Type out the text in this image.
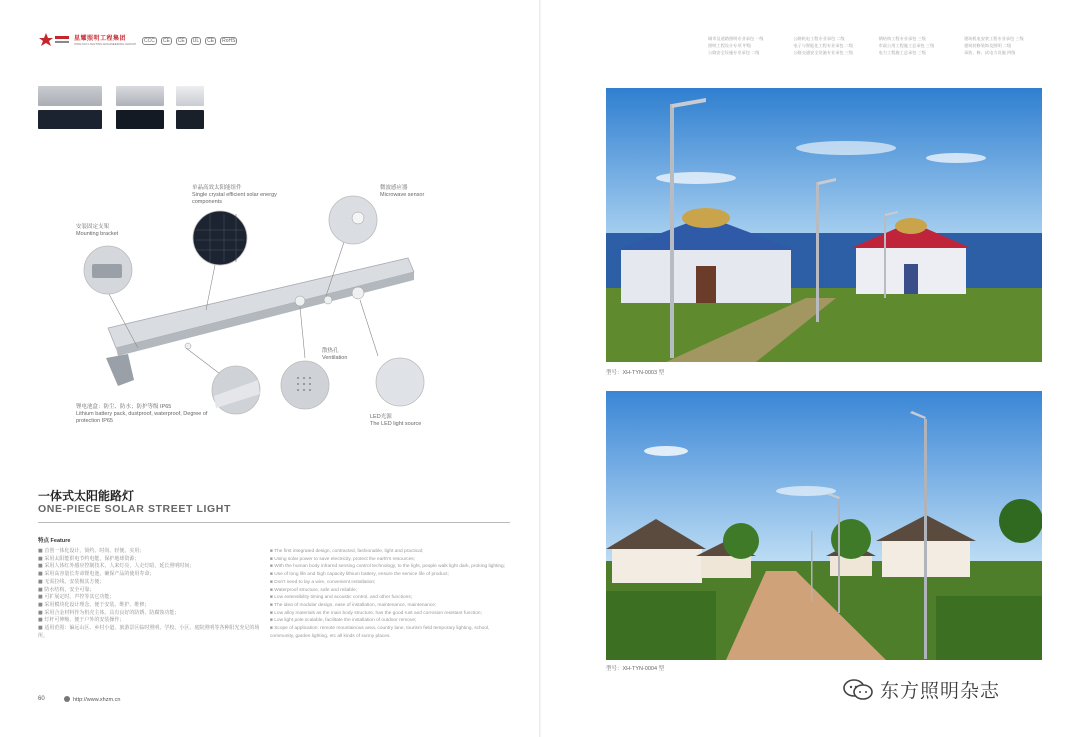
星耀照明工程集团
XINGYAO LIGHTING ENGINEERING GROUP	CCC	CE	CE	UL	CE	RoHS
单晶高效太阳能组件
Single crystal efficient solar energy components
微波感应器
Microwave sensor
安装固定支架
Mounting bracket
散热孔
Ventilation
锂电池盒：防尘、防水；防护等级 IP65
Lithium battery pack, dustproof, waterproof, Degree of protection IP65
LED光源
The LED light source
一体式太阳能路灯
ONE-PIECE SOLAR STREET LIGHT
特点 Feature
■ 首创一体化设计，简约、时尚、轻便、实用；
■ 采用太阳能供电节约电能，保护地球资源；
■ 采用人体红外感应控制技术，人来灯亮，人走灯暗，延长照明时间；
■ 采用高容量长寿命锂电池，确保产品的使用寿命；
■ 无需拉线，安装极其方便；
■ 防水结构，安全可靠；
■ 可扩展定时、声控等其它功能；
■ 采用模块化设计理念，便于安装、维护、维修；
■ 采用合金材料作为机壳主体，具有良好的防锈、防腐蚀功能；
■ 灯杆可伸缩，便于户外的安装操作；
■ 适用范围：偏远山区、乡村小道、旅游景区临时照明、学校、小区、庭院照明等各种阳光充足的场所。
■ The first integrated design, contracted, fashionable, light and practical;
■ Using solar power to save electricity, protect the earth's resources;
■ With the human body infrared sensing control technology, to the light, people walk light dark, prolong lighting;
■ Use of long life and high capacity lithium battery, ensure the service life of product;
■ Don't need to lay a wire, convenient installation;
■ Waterproof structure, safe and reliable;
■ Low extensibility timing and acoustic control, and other functions;
■ The idea of modular design, ease of installation, maintenance, maintenance;
■ Low alloy materials as the main body structure, has the good rust and corrosion resistant function;
■ Low light pole scalable, facilitate the installation of outdoor remove;
■ Scope of application: remote mountainous area, country lane, tourism field temporary lighting, school, community, garden lighting, etc all kinds of sunny places.
60	http://www.xhzm.cn
城市及道路照明专业承包 一级
照明工程设计专项 甲级
公路安全设施专业承包 二级
公路机电工程专业承包 二级
电子与智能化工程专业承包 二级
公路交通安全设施专业承包 三级
钢结构工程专业承包 三级
市政公用工程施工总承包 三级
电力工程施工总承包 三级
建筑机电安装工程专业承包 三级
建筑装修装饰及照明 二级
承装、修、试电力设施 四级
型号：XH-TYN-0003 型
型号：XH-TYN-0004 型
东方照明杂志
